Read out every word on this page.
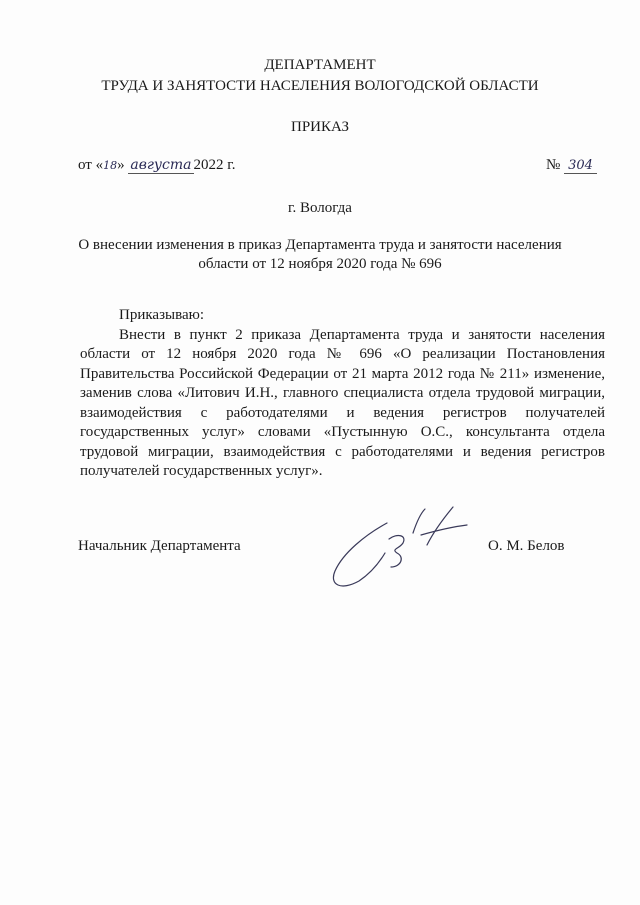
ДЕПАРТАМЕНТ
ТРУДА И ЗАНЯТОСТИ НАСЕЛЕНИЯ ВОЛОГОДСКОЙ ОБЛАСТИ
ПРИКАЗ
от «18» августа 2022 г.	№ 304
г. Вологда
О внесении изменения в приказ Департамента труда и занятости населения
области от 12 ноября 2020 года № 696

Приказываю:

Внести в пункт 2 приказа Департамента труда и занятости населения области от 12 ноября 2020 года № 696 «О реализации Постановления Правительства Российской Федерации от 21 марта 2012 года № 211» изменение, заменив слова «Литович И.Н., главного специалиста отдела трудовой миграции, взаимодействия с работодателями и ведения регистров получателей государственных услуг» словами «Пустынную О.С., консультанта отдела трудовой миграции, взаимодействия с работодателями и ведения регистров получателей государственных услуг».

Начальник Департамента	О. М. Белов
